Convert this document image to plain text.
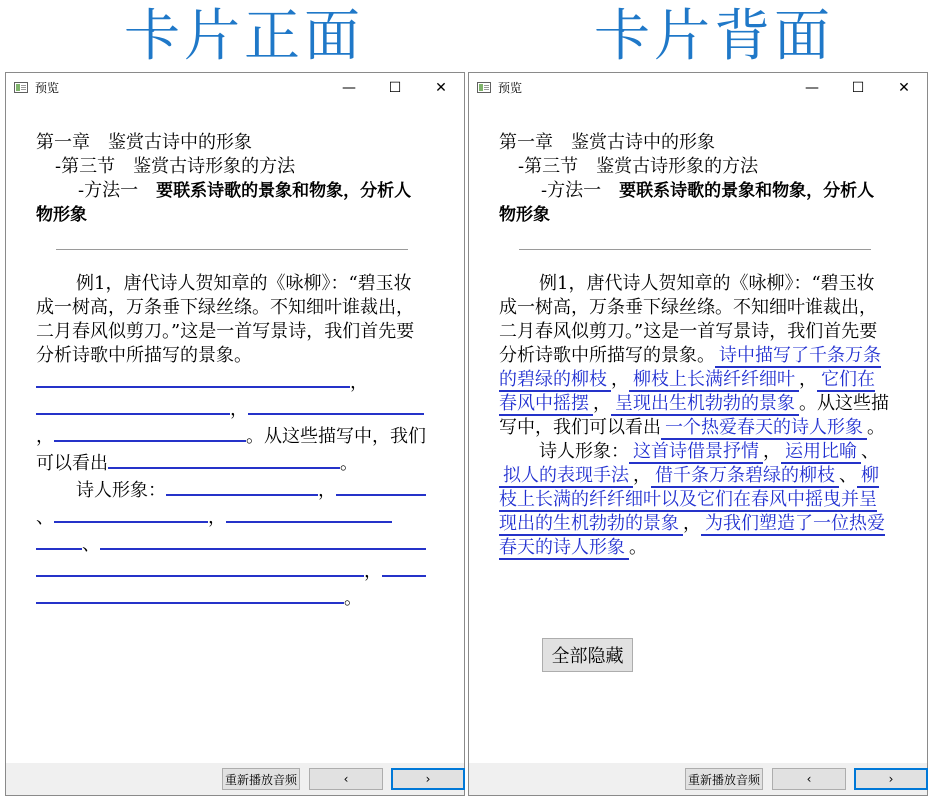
卡片正面	卡片背面
预览	—	☐	✕

第一章　鉴赏古诗中的形象

-第三节　鉴赏古诗形象的方法

-方法一　要联系诗歌的景象和物象，分析人物形象

例1，唐代诗人贺知章的《咏柳》：“碧玉妆成一树高，万条垂下绿丝绦。不知细叶谁裁出，二月春风似剪刀。”这是一首写景诗，我们首先要分析诗歌中所描写的景象。，，，	。从这些描写中，我们可以看出	。

诗人形象：	，、	，、，。

重新播放音频	‹	›
预览	—	☐	✕

第一章　鉴赏古诗中的形象

-第三节　鉴赏古诗形象的方法

-方法一　要联系诗歌的景象和物象，分析人物形象

例1，唐代诗人贺知章的《咏柳》：“碧玉妆成一树高，万条垂下绿丝绦。不知细叶谁裁出，二月春风似剪刀。”这是一首写景诗，我们首先要分析诗歌中所描写的景象。 诗中描写了千条万条的碧绿的柳枝 ， 柳枝上长满纤纤细叶 ， 它们在春风中摇摆 ， 呈现出生机勃勃的景象 。从这些描写中，我们可以看出 一个热爱春天的诗人形象 。

诗人形象： 这首诗借景抒情 ， 运用比喻 、拟人的表现手法 ， 借千条万条碧绿的柳枝 、 柳枝上长满的纤纤细叶以及它们在春风中摇曳并呈现出的生机勃勃的景象 ， 为我们塑造了一位热爱春天的诗人形象 。

全部隐藏
重新播放音频	‹	›
